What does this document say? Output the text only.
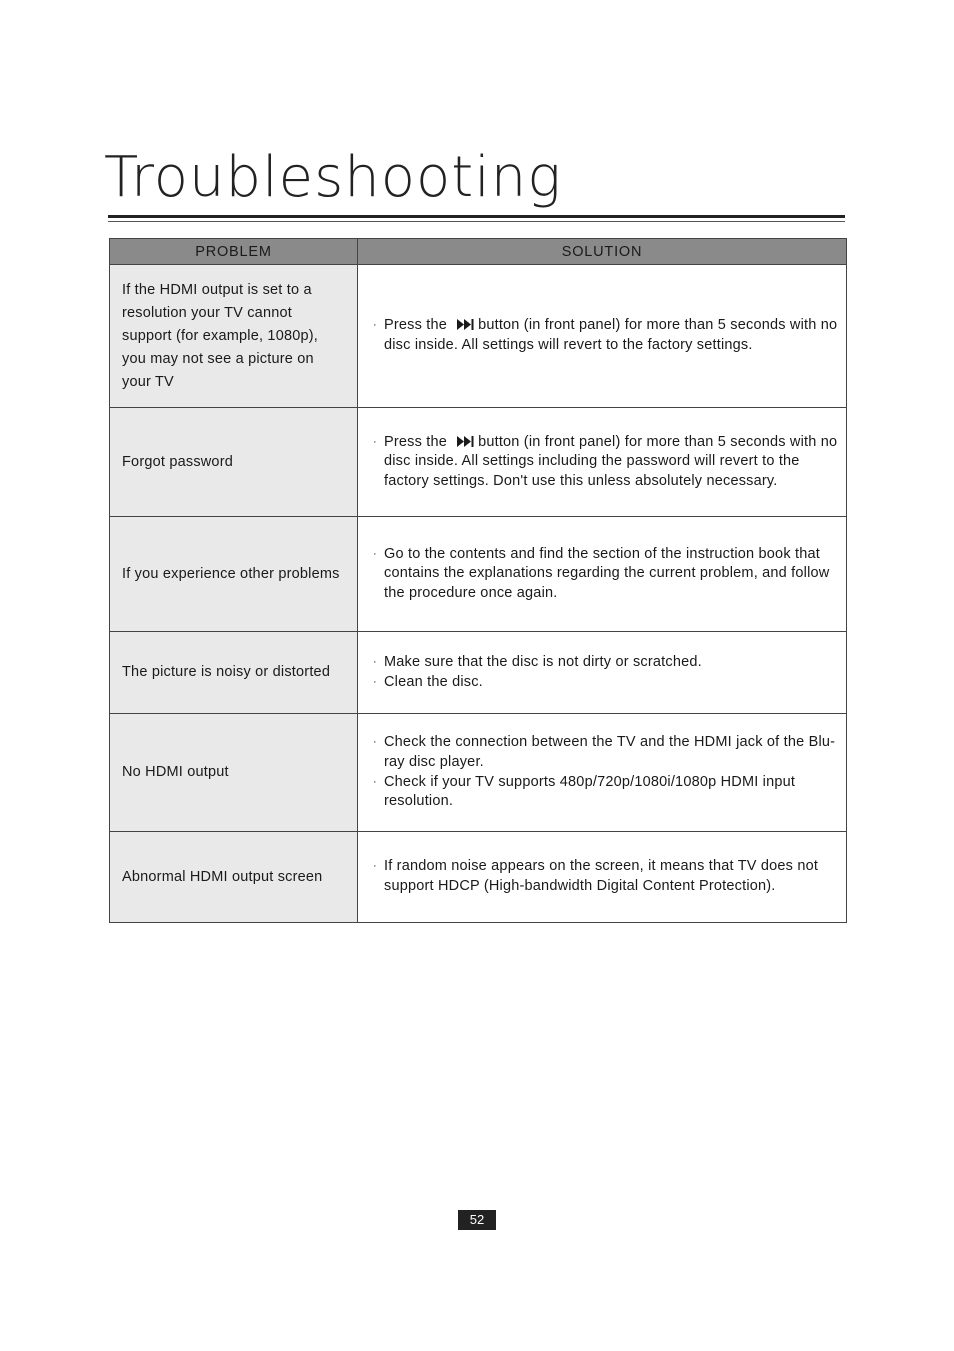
Troubleshooting
PROBLEM	SOLUTION
If the HDMI output is set to a resolution your TV cannot support (for example, 1080p), you may not see a picture on your TV	· Press the button (in front panel) for more than 5 seconds with no disc inside. All settings will revert to the factory settings.

Forgot password	· Press the button (in front panel) for more than 5 seconds with no disc inside. All settings including the password will revert to the factory settings. Don't use this unless absolutely necessary.

If you experience other problems	· Go to the contents and find the section of the instruction book that contains the explanations regarding the current problem, and follow the procedure once again.

The picture is noisy or distorted	· Make sure that the disc is not dirty or scratched.

· Clean the disc.

No HDMI output	· Check the connection between the TV and the HDMI jack of the Blu-ray disc player.

· Check if your TV supports 480p/720p/1080i/1080p HDMI input resolution.

Abnormal HDMI output screen	· If random noise appears on the screen, it means that TV does not support HDCP (High-bandwidth Digital Content Protection).

52
